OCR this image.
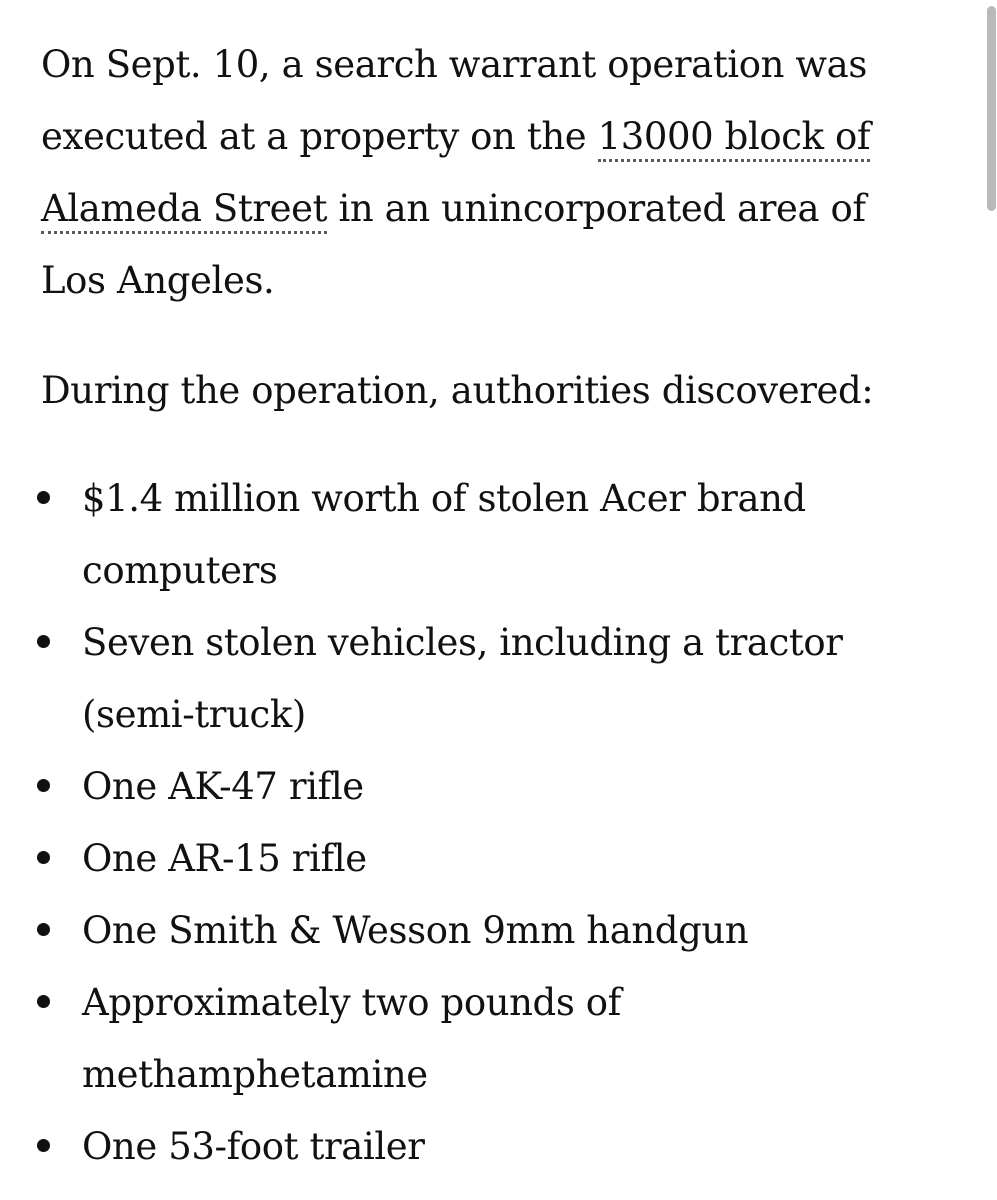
On Sept. 10, a search warrant operation was executed at a property on the 13000 block of Alameda Street in an unincorporated area of Los Angeles.

During the operation, authorities discovered:

$1.4 million worth of stolen Acer brand computers
Seven stolen vehicles, including a tractor (semi-truck)
One AK-47 rifle
One AR-15 rifle
One Smith & Wesson 9mm handgun
Approximately two pounds of methamphetamine
One 53-foot trailer
